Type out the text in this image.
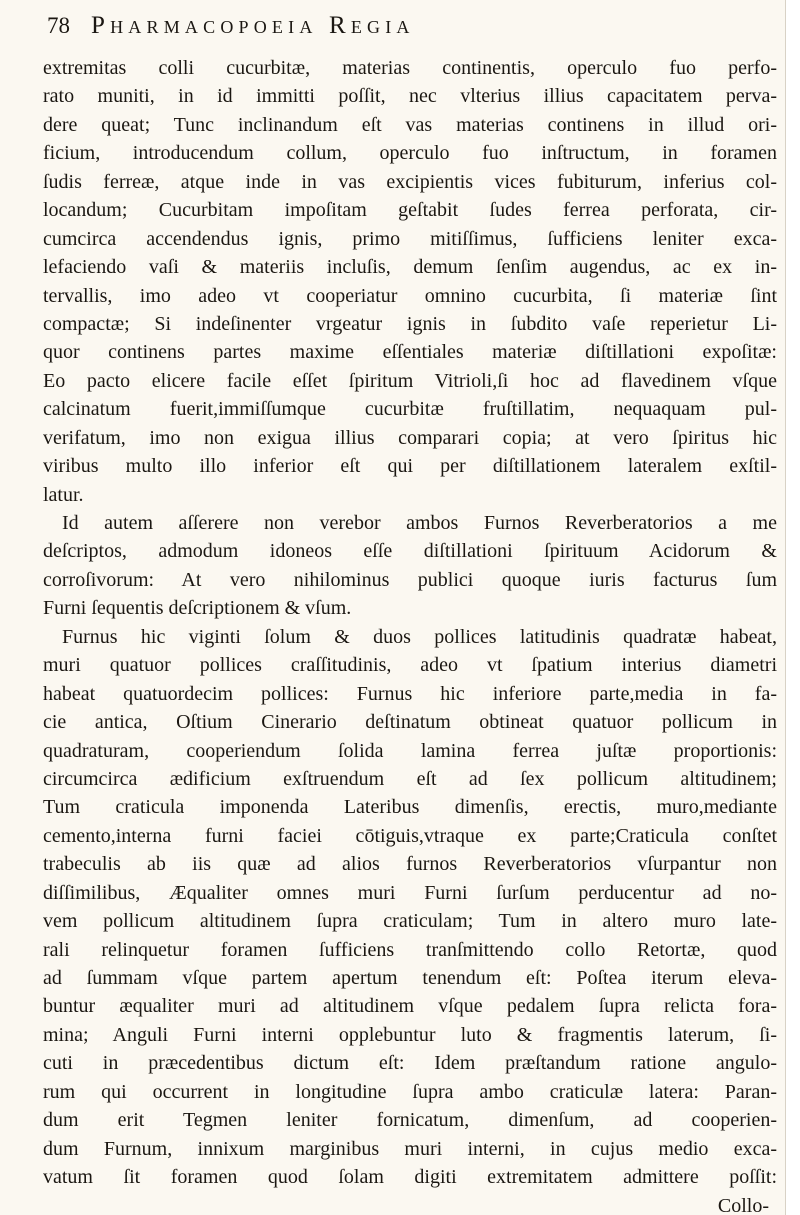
78 Pharmacopoeia Regia
extremitas colli cucurbitæ, materias continentis, operculo fuo perfo-
rato muniti, in id immitti poſſit, nec vlterius illius capacitatem perva-
dere queat; Tunc inclinandum eſt vas materias continens in illud ori-
ficium, introducendum collum, operculo fuo inſtructum, in foramen
ſudis ferreæ, atque inde in vas excipientis vices fubiturum, inferius col-
locandum; Cucurbitam impoſitam geſtabit ſudes ferrea perforata, cir-
cumcirca accendendus ignis, primo mitiſſimus, ſufficiens leniter exca-
lefaciendo vaſi & materiis incluſis, demum ſenſim augendus, ac ex in-
tervallis, imo adeo vt cooperiatur omnino cucurbita, ſi materiæ ſint
compactæ; Si indeſinenter vrgeatur ignis in ſubdito vaſe reperietur Li-
quor continens partes maxime eſſentiales materiæ diſtillationi expoſitæ:
Eo pacto elicere facile eſſet ſpiritum Vitrioli,ſi hoc ad flavedinem vſque
calcinatum fuerit,immiſſumque cucurbitæ fruſtillatim, nequaquam pul-
verifatum, imo non exigua illius comparari copia; at vero ſpiritus hic
viribus multo illo inferior eſt qui per diſtillationem lateralem exſtil-
latur.
Id autem aſſerere non verebor ambos Furnos Reverberatorios a me
deſcriptos, admodum idoneos eſſe diſtillationi ſpirituum Acidorum &
corroſivorum: At vero nihilominus publici quoque iuris facturus ſum
Furni ſequentis deſcriptionem & vſum.
Furnus hic viginti ſolum & duos pollices latitudinis quadratæ habeat,
muri quatuor pollices craſſitudinis, adeo vt ſpatium interius diametri
habeat quatuordecim pollices: Furnus hic inferiore parte,media in fa-
cie antica, Oſtium Cinerario deſtinatum obtineat quatuor pollicum in
quadraturam, cooperiendum ſolida lamina ferrea juſtæ proportionis:
circumcirca ædificium exſtruendum eſt ad ſex pollicum altitudinem;
Tum craticula imponenda Lateribus dimenſis, erectis, muro,mediante
cemento,interna furni faciei cōtiguis,vtraque ex parte;Craticula conſtet
trabeculis ab iis quæ ad alios furnos Reverberatorios vſurpantur non
diſſimilibus, Æqualiter omnes muri Furni ſurſum perducentur ad no-
vem pollicum altitudinem ſupra craticulam; Tum in altero muro late-
rali relinquetur foramen ſufficiens tranſmittendo collo Retortæ, quod
ad ſummam vſque partem apertum tenendum eſt: Poſtea iterum eleva-
buntur æqualiter muri ad altitudinem vſque pedalem ſupra relicta fora-
mina; Anguli Furni interni opplebuntur luto & fragmentis laterum, ſi-
cuti in præcedentibus dictum eſt: Idem præſtandum ratione angulo-
rum qui occurrent in longitudine ſupra ambo craticulæ latera: Paran-
dum erit Tegmen leniter fornicatum, dimenſum, ad cooperien-
dum Furnum, innixum marginibus muri interni, in cujus medio exca-
vatum ſit foramen quod ſolam digiti extremitatem admittere poſſit:
Collo-
